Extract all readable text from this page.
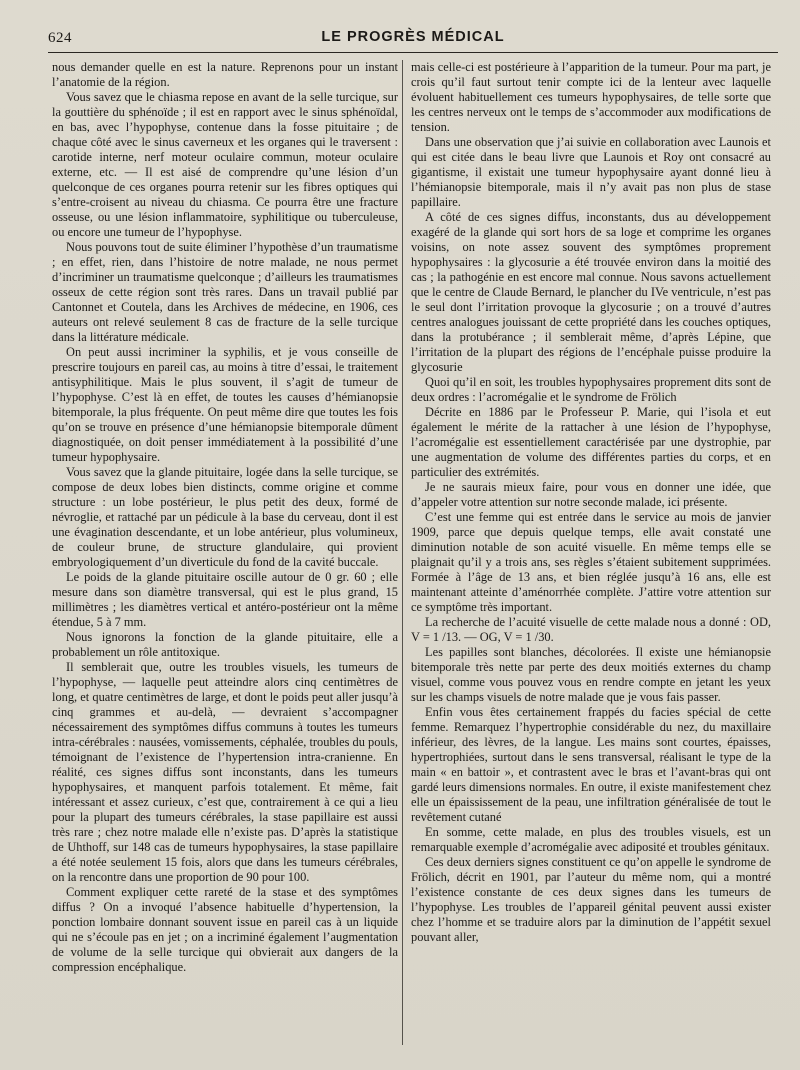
624	LE PROGRÈS MÉDICAL

nous demander quelle en est la nature. Reprenons pour un instant l’anatomie de la région.

Vous savez que le chiasma repose en avant de la selle turcique, sur la gouttière du sphénoïde ; il est en rapport avec le sinus sphénoïdal, en bas, avec l’hypophyse, contenue dans la fosse pituitaire ; de chaque côté avec le sinus caverneux et les organes qui le traversent : carotide interne, nerf moteur oculaire commun, moteur oculaire externe, etc. — Il est aisé de comprendre qu’une lésion d’un quelconque de ces organes pourra retenir sur les fibres optiques qui s’entre-croisent au niveau du chiasma. Ce pourra être une fracture osseuse, ou une lésion inflammatoire, syphilitique ou tuberculeuse, ou encore une tumeur de l’hypophyse.

Nous pouvons tout de suite éliminer l’hypothèse d’un traumatisme ; en effet, rien, dans l’histoire de notre malade, ne nous permet d’incriminer un traumatisme quelconque ; d’ailleurs les traumatismes osseux de cette région sont très rares. Dans un travail publié par Cantonnet et Coutela, dans les Archives de médecine, en 1906, ces auteurs ont relevé seulement 8 cas de fracture de la selle turcique dans la littérature médicale.

On peut aussi incriminer la syphilis, et je vous conseille de prescrire toujours en pareil cas, au moins à titre d’essai, le traitement antisyphilitique. Mais le plus souvent, il s’agit de tumeur de l’hypophyse. C’est là en effet, de toutes les causes d’hémianopsie bitemporale, la plus fréquente. On peut même dire que toutes les fois qu’on se trouve en présence d’une hémianopsie bitemporale dûment diagnostiquée, on doit penser immédiatement à la possibilité d’une tumeur hypophysaire.

Vous savez que la glande pituitaire, logée dans la selle turcique, se compose de deux lobes bien distincts, comme origine et comme structure : un lobe postérieur, le plus petit des deux, formé de névroglie, et rattaché par un pédicule à la base du cerveau, dont il est une évagination descendante, et un lobe antérieur, plus volumineux, de couleur brune, de structure glandulaire, qui provient embryologiquement d’un diverticule du fond de la cavité buccale.

Le poids de la glande pituitaire oscille autour de 0 gr. 60 ; elle mesure dans son diamètre transversal, qui est le plus grand, 15 millimètres ; les diamètres vertical et antéro-postérieur ont la même étendue, 5 à 7 mm.

Nous ignorons la fonction de la glande pituitaire, elle a probablement un rôle antitoxique.

Il semblerait que, outre les troubles visuels, les tumeurs de l’hypophyse, — laquelle peut atteindre alors cinq centimètres de long, et quatre centimètres de large, et dont le poids peut aller jusqu’à cinq grammes et au-delà, — devraient s’accompagner nécessairement des symptômes diffus communs à toutes les tumeurs intra-cérébrales : nausées, vomissements, céphalée, troubles du pouls, témoignant de l’existence de l’hypertension intra-cranienne. En réalité, ces signes diffus sont inconstants, dans les tumeurs hypophysaires, et manquent parfois totalement. Et même, fait intéressant et assez curieux, c’est que, contrairement à ce qui a lieu pour la plupart des tumeurs cérébrales, la stase papillaire est aussi très rare ; chez notre malade elle n’existe pas. D’après la statistique de Uhthoff, sur 148 cas de tumeurs hypophysaires, la stase papillaire a été notée seulement 15 fois, alors que dans les tumeurs cérébrales, on la rencontre dans une proportion de 90 pour 100.

Comment expliquer cette rareté de la stase et des symptômes diffus ? On a invoqué l’absence habituelle d’hypertension, la ponction lombaire donnant souvent issue en pareil cas à un liquide qui ne s’écoule pas en jet ; on a incriminé également l’augmentation de volume de la selle turcique qui obvierait aux dangers de la compression encéphalique.

mais celle-ci est postérieure à l’apparition de la tumeur. Pour ma part, je crois qu’il faut surtout tenir compte ici de la lenteur avec laquelle évoluent habituellement ces tumeurs hypophysaires, de telle sorte que les centres nerveux ont le temps de s’accommoder aux modifications de tension.

Dans une observation que j’ai suivie en collaboration avec Launois et qui est citée dans le beau livre que Launois et Roy ont consacré au gigantisme, il existait une tumeur hypophysaire ayant donné lieu à l’hémianopsie bitemporale, mais il n’y avait pas non plus de stase papillaire.

A côté de ces signes diffus, inconstants, dus au développement exagéré de la glande qui sort hors de sa loge et comprime les organes voisins, on note assez souvent des symptômes proprement hypophysaires : la glycosurie a été trouvée environ dans la moitié des cas ; la pathogénie en est encore mal connue. Nous savons actuellement que le centre de Claude Bernard, le plancher du IVe ventricule, n’est pas le seul dont l’irritation provoque la glycosurie ; on a trouvé d’autres centres analogues jouissant de cette propriété dans les couches optiques, dans la protubérance ; il semblerait même, d’après Lépine, que l’irritation de la plupart des régions de l’encéphale puisse produire la glycosurie

Quoi qu’il en soit, les troubles hypophysaires proprement dits sont de deux ordres : l’acromégalie et le syndrome de Frölich

Décrite en 1886 par le Professeur P. Marie, qui l’isola et eut également le mérite de la rattacher à une lésion de l’hypophyse, l’acromégalie est essentiellement caractérisée par une dystrophie, par une augmentation de volume des différentes parties du corps, et en particulier des extrémités.

Je ne saurais mieux faire, pour vous en donner une idée, que d’appeler votre attention sur notre seconde malade, ici présente.

C’est une femme qui est entrée dans le service au mois de janvier 1909, parce que depuis quelque temps, elle avait constaté une diminution notable de son acuité visuelle. En même temps elle se plaignait qu’il y a trois ans, ses règles s’étaient subitement supprimées. Formée à l’âge de 13 ans, et bien réglée jusqu’à 16 ans, elle est maintenant atteinte d’aménorrhée complète. J’attire votre attention sur ce symptôme très important.

La recherche de l’acuité visuelle de cette malade nous a donné : OD, V = 1 /13. — OG, V = 1 /30.

Les papilles sont blanches, décolorées. Il existe une hémianopsie bitemporale très nette par perte des deux moitiés externes du champ visuel, comme vous pouvez vous en rendre compte en jetant les yeux sur les champs visuels de notre malade que je vous fais passer.

Enfin vous êtes certainement frappés du facies spécial de cette femme. Remarquez l’hypertrophie considérable du nez, du maxillaire inférieur, des lèvres, de la langue. Les mains sont courtes, épaisses, hypertrophiées, surtout dans le sens transversal, réalisant le type de la main « en battoir », et contrastent avec le bras et l’avant-bras qui ont gardé leurs dimensions normales. En outre, il existe manifestement chez elle un épaississement de la peau, une infiltration généralisée de tout le revêtement cutané

En somme, cette malade, en plus des troubles visuels, est un remarquable exemple d’acromégalie avec adiposité et troubles génitaux.

Ces deux derniers signes constituent ce qu’on appelle le syndrome de Frölich, décrit en 1901, par l’auteur du même nom, qui a montré l’existence constante de ces deux signes dans les tumeurs de l’hypophyse. Les troubles de l’appareil génital peuvent aussi exister chez l’homme et se traduire alors par la diminution de l’appétit sexuel pouvant aller,
